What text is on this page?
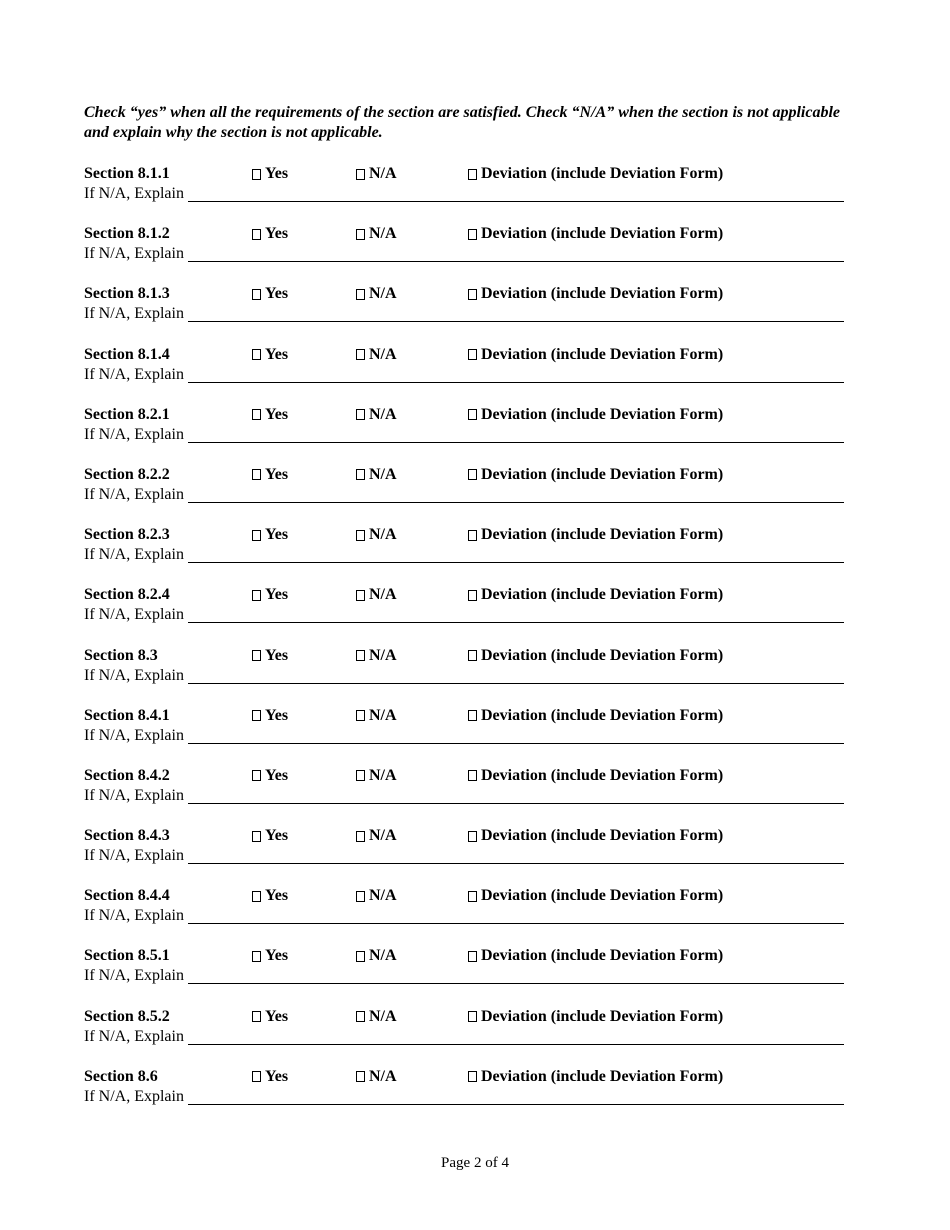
Check “yes” when all the requirements of the section are satisfied. Check “N/A” when the section is not applicable and explain why the section is not applicable.

Section 8.1.1	Yes	N/A	Deviation (include Deviation Form)
If N/A, Explain
Section 8.1.2	Yes	N/A	Deviation (include Deviation Form)
If N/A, Explain
Section 8.1.3	Yes	N/A	Deviation (include Deviation Form)
If N/A, Explain
Section 8.1.4	Yes	N/A	Deviation (include Deviation Form)
If N/A, Explain
Section 8.2.1	Yes	N/A	Deviation (include Deviation Form)
If N/A, Explain
Section 8.2.2	Yes	N/A	Deviation (include Deviation Form)
If N/A, Explain
Section 8.2.3	Yes	N/A	Deviation (include Deviation Form)
If N/A, Explain
Section 8.2.4	Yes	N/A	Deviation (include Deviation Form)
If N/A, Explain
Section 8.3	Yes	N/A	Deviation (include Deviation Form)
If N/A, Explain
Section 8.4.1	Yes	N/A	Deviation (include Deviation Form)
If N/A, Explain
Section 8.4.2	Yes	N/A	Deviation (include Deviation Form)
If N/A, Explain
Section 8.4.3	Yes	N/A	Deviation (include Deviation Form)
If N/A, Explain
Section 8.4.4	Yes	N/A	Deviation (include Deviation Form)
If N/A, Explain
Section 8.5.1	Yes	N/A	Deviation (include Deviation Form)
If N/A, Explain
Section 8.5.2	Yes	N/A	Deviation (include Deviation Form)
If N/A, Explain
Section 8.6	Yes	N/A	Deviation (include Deviation Form)
If N/A, Explain
Page 2 of 4
